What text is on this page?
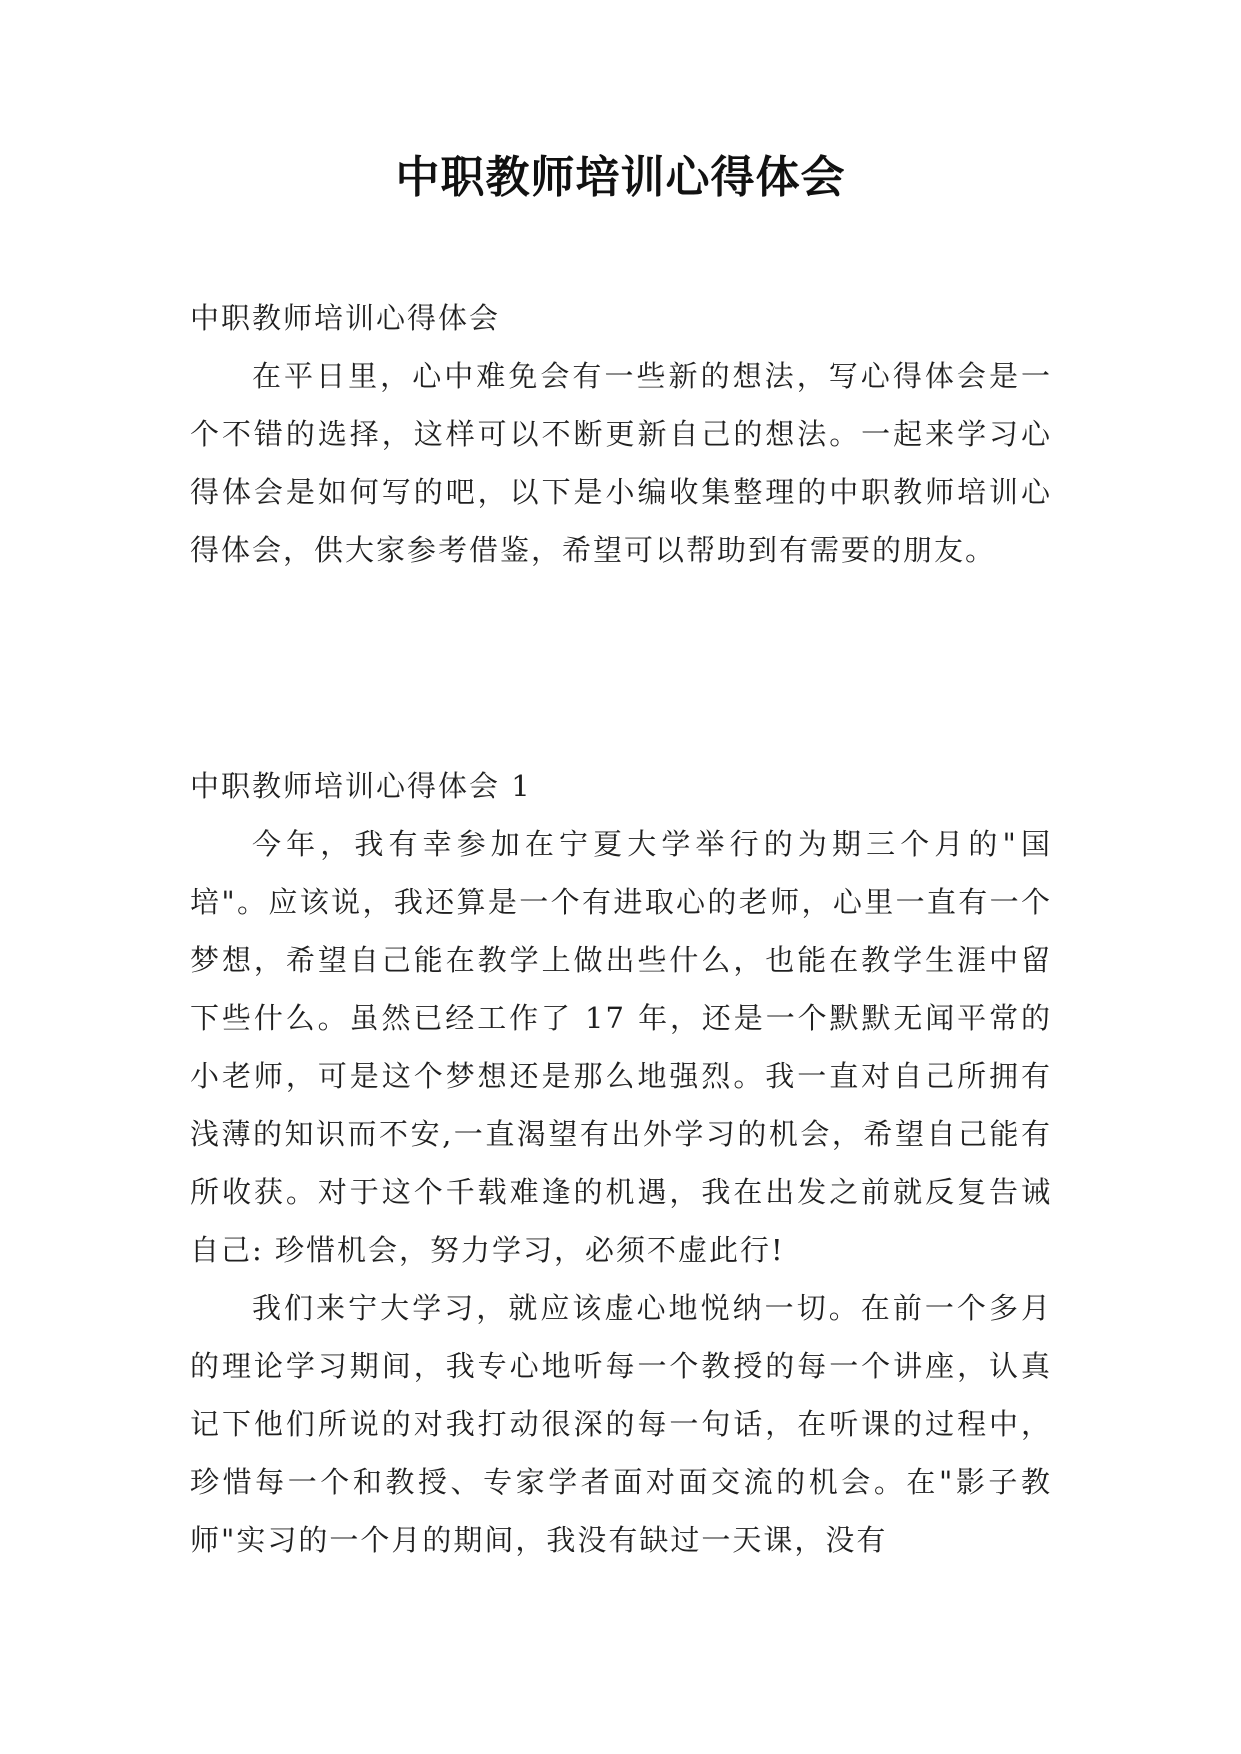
中职教师培训心得体会

中职教师培训心得体会

在平日里，心中难免会有一些新的想法，写心得体会是一个不错的选择，这样可以不断更新自己的想法。一起来学习心得体会是如何写的吧，以下是小编收集整理的中职教师培训心得体会，供大家参考借鉴，希望可以帮助到有需要的朋友。

中职教师培训心得体会 1

今年，我有幸参加在宁夏大学举行的为期三个月的"国培"。应该说，我还算是一个有进取心的老师，心里一直有一个梦想，希望自己能在教学上做出些什么，也能在教学生涯中留下些什么。虽然已经工作了 17 年，还是一个默默无闻平常的小老师，可是这个梦想还是那么地强烈。我一直对自己所拥有浅薄的知识而不安,一直渴望有出外学习的机会，希望自己能有所收获。对于这个千载难逢的机遇，我在出发之前就反复告诫自己: 珍惜机会，努力学习，必须不虚此行!

我们来宁大学习，就应该虚心地悦纳一切。在前一个多月的理论学习期间，我专心地听每一个教授的每一个讲座，认真记下他们所说的对我打动很深的每一句话，在听课的过程中，珍惜每一个和教授、专家学者面对面交流的机会。在"影子教师"实习的一个月的期间，我没有缺过一天课，没有
